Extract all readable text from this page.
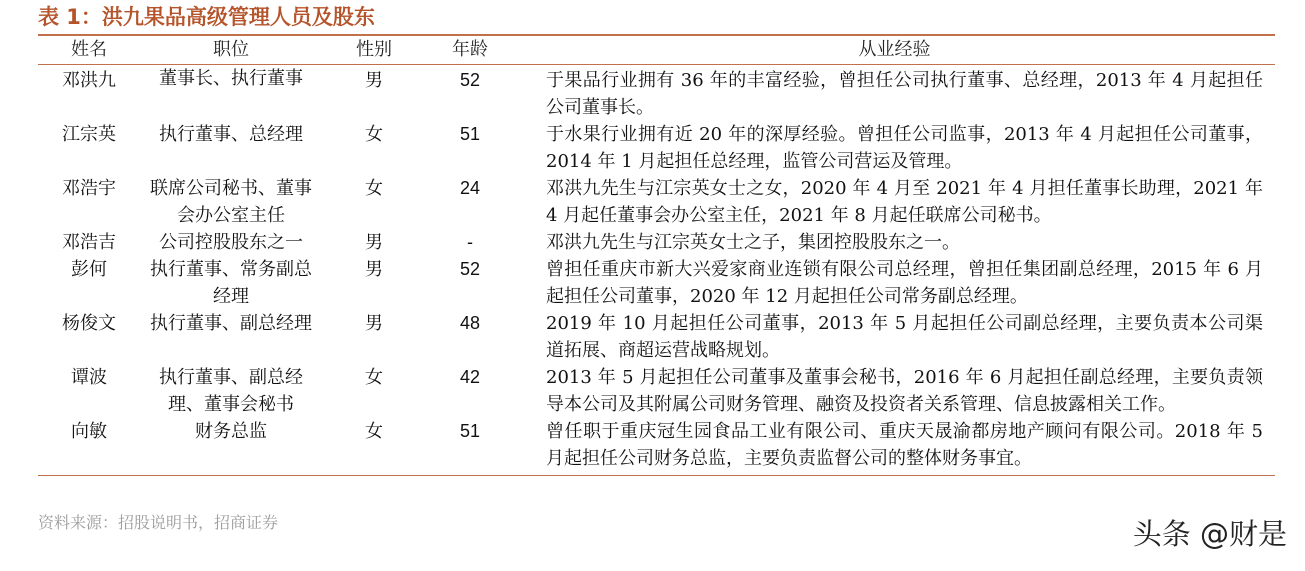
表 1：洪九果品高级管理人员及股东
姓名	职位	性别	年龄	从业经验
邓洪九	董事长、执行董事	男	52	于果品行业拥有 36 年的丰富经验，曾担任公司执行董事、总经理，2013 年 4 月起担任公司董事长。
江宗英	执行董事、总经理	女	51	于水果行业拥有近 20 年的深厚经验。曾担任公司监事，2013 年 4 月起担任公司董事，2014 年 1 月起担任总经理，监管公司营运及管理。
邓浩宇	联席公司秘书、董事会办公室主任	女	24	邓洪九先生与江宗英女士之女，2020 年 4 月至 2021 年 4 月担任董事长助理，2021 年 4 月起任董事会办公室主任，2021 年 8 月起任联席公司秘书。
邓浩吉	公司控股股东之一	男	-	邓洪九先生与江宗英女士之子，集团控股股东之一。
彭何	执行董事、常务副总经理	男	52	曾担任重庆市新大兴爱家商业连锁有限公司总经理，曾担任集团副总经理，2015 年 6 月起担任公司董事，2020 年 12 月起担任公司常务副总经理。
杨俊文	执行董事、副总经理	男	48	2019 年 10 月起担任公司董事，2013 年 5 月起担任公司副总经理，主要负责本公司渠道拓展、商超运营战略规划。
谭波	执行董事、副总经理、董事会秘书	女	42	2013 年 5 月起担任公司董事及董事会秘书，2016 年 6 月起担任副总经理，主要负责领导本公司及其附属公司财务管理、融资及投资者关系管理、信息披露相关工作。
向敏	财务总监	女	51	曾任职于重庆冠生园食品工业有限公司、重庆天晟渝都房地产顾问有限公司。2018 年 5 月起担任公司财务总监，主要负责监督公司的整体财务事宜。
资料来源：招股说明书，招商证券	头条 @财是
